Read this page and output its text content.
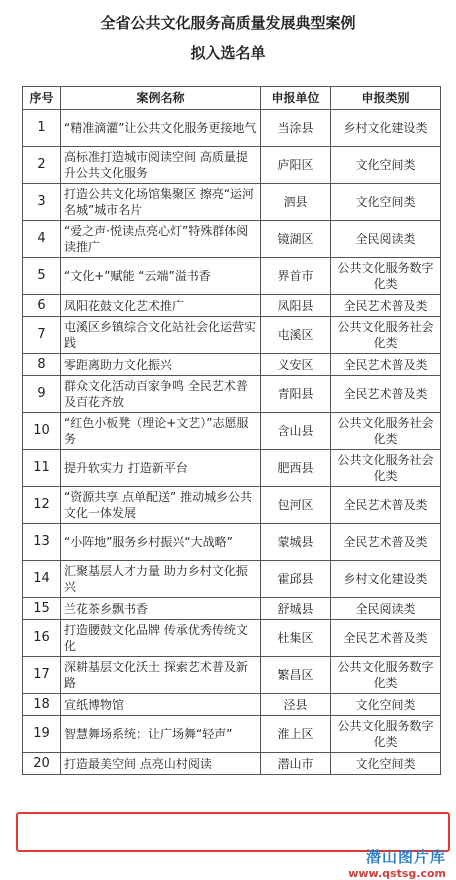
全省公共文化服务高质量发展典型案例
拟入选名单
序号	案例名称	申报单位	申报类别
1	“精准滴灌”让公共文化服务更接地气	当涂县	乡村文化建设类
2	高标准打造城市阅读空间 高质量提升公共文化服务	庐阳区	文化空间类
3	打造公共文化场馆集聚区 擦亮“运河名城”城市名片	泗县	文化空间类
4	“爱之声·悦读点亮心灯”特殊群体阅读推广	镜湖区	全民阅读类
5	“文化+”赋能 “云端”溢书香	界首市	公共文化服务数字化类
6	凤阳花鼓文化艺术推广	凤阳县	全民艺术普及类
7	屯溪区乡镇综合文化站社会化运营实践	屯溪区	公共文化服务社会化类
8	零距离助力文化振兴	义安区	全民艺术普及类
9	群众文化活动百家争鸣 全民艺术普及百花齐放	青阳县	全民艺术普及类
10	“红色小板凳（理论+文艺）”志愿服务	含山县	公共文化服务社会化类
11	提升软实力 打造新平台	肥西县	公共文化服务社会化类
12	“资源共享 点单配送” 推动城乡公共文化一体发展	包河区	全民艺术普及类
13	“小阵地”服务乡村振兴“大战略”	蒙城县	全民艺术普及类
14	汇聚基层人才力量 助力乡村文化振兴	霍邱县	乡村文化建设类
15	兰花茶乡飘书香	舒城县	全民阅读类
16	打造腰鼓文化品牌 传承优秀传统文化	杜集区	全民艺术普及类
17	深耕基层文化沃土 探索艺术普及新路	繁昌区	公共文化服务数字化类
18	宣纸博物馆	泾县	文化空间类
19	智慧舞场系统：让广场舞“轻声”	淮上区	公共文化服务数字化类
20	打造最美空间 点亮山村阅读	潜山市	文化空间类
潜山图片库
www.qstsg.com
